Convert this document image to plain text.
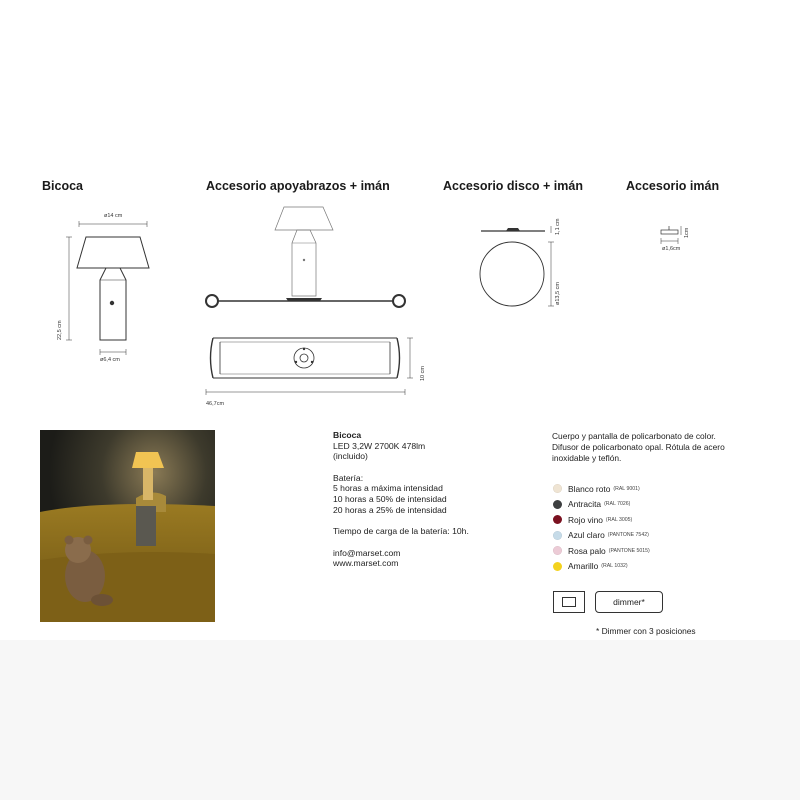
Bicoca	Accesorio apoyabrazos + imán	Accesorio disco + imán	Accesorio imán
ø14 cm
22,5 cm
ø6,4 cm
46,7cm
10 cm
1,1 cm
ø13,5 cm
1cm
ø1,6cm

Bicoca

LED 3,2W 2700K 478lm

(incluido)

Batería:

5 horas a máxima intensidad

10 horas a 50% de intensidad

20 horas a 25% de intensidad

Tiempo de carga de la batería: 10h.

info@marset.com

www.marset.com

Cuerpo y pantalla de policarbonato de color.

Difusor de policarbonato opal. Rótula de acero

inoxidable y teflón.

Blanco roto (RAL 9001)
Antracita (RAL 7026)
Rojo vino (RAL 3005)
Azul claro (PANTONE 7542)
Rosa palo (PANTONE 5015)
Amarillo (RAL 1032)
dimmer*
* Dimmer con 3 posiciones
